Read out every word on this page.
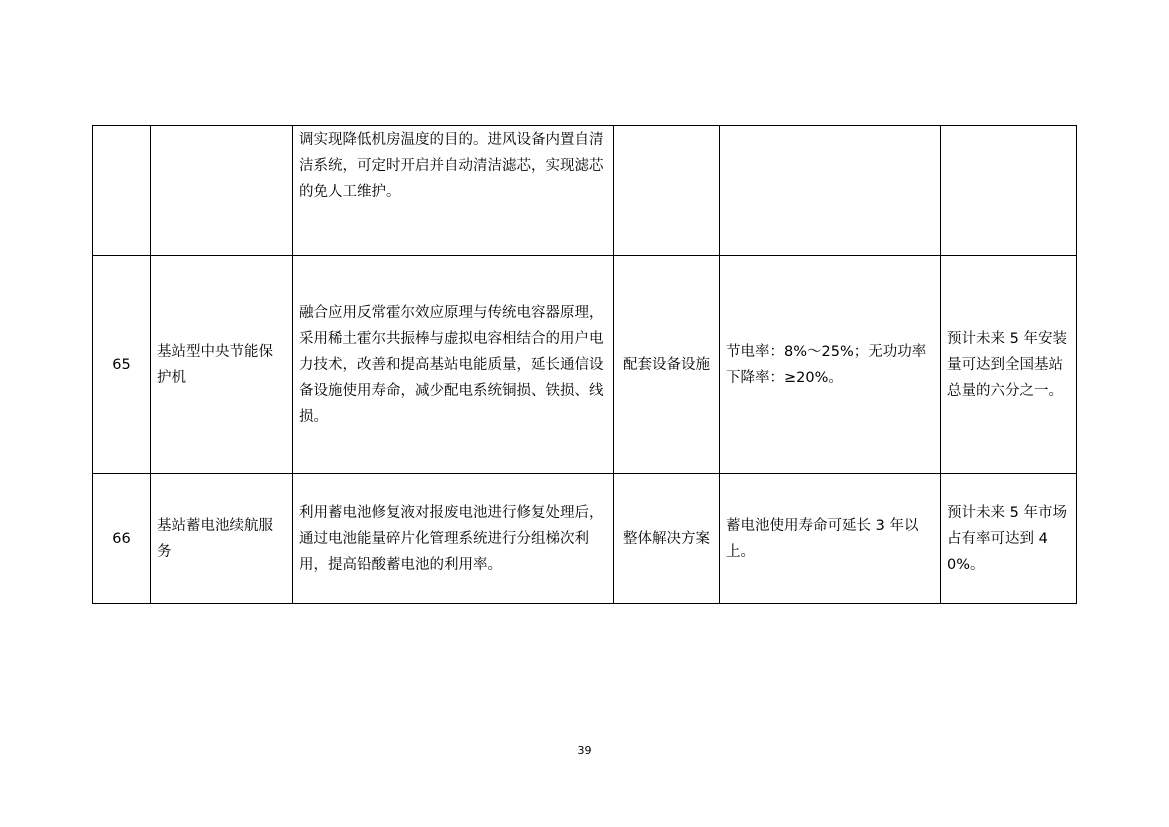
		调实现降低机房温度的目的。进风设备内置自清洁系统，可定时开启并自动清洁滤芯，实现滤芯的免人工维护。			
65	基站型中央节能保护机	融合应用反常霍尔效应原理与传统电容器原理，采用稀土霍尔共振棒与虚拟电容相结合的用户电力技术，改善和提高基站电能质量，延长通信设备设施使用寿命，减少配电系统铜损、铁损、线损。	配套设备设施	节电率：8%～25%；无功功率下降率：≥20%。	预计未来 5 年安装量可达到全国基站总量的六分之一。
66	基站蓄电池续航服务	利用蓄电池修复液对报废电池进行修复处理后，通过电池能量碎片化管理系统进行分组梯次利用，提高铅酸蓄电池的利用率。	整体解决方案	蓄电池使用寿命可延长 3 年以上。	预计未来 5 年市场占有率可达到 40%。
39
